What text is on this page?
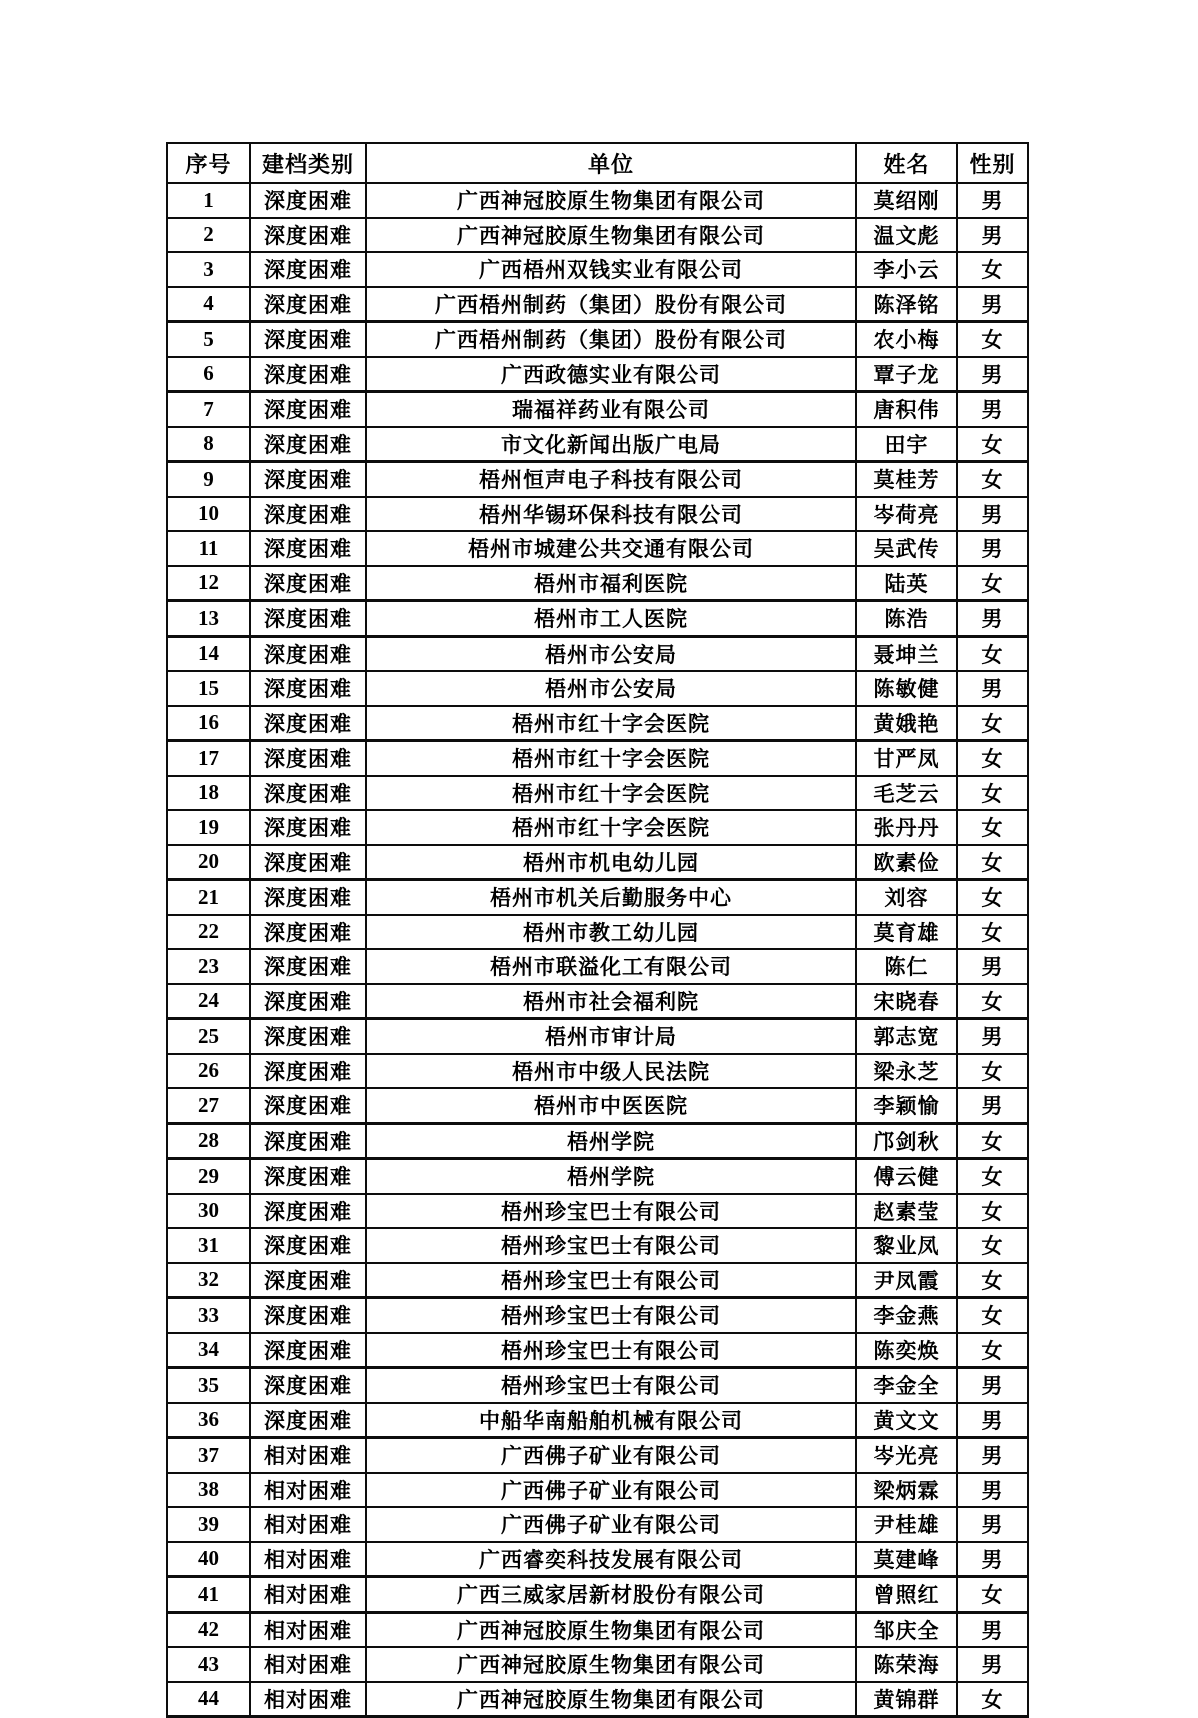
序号	建档类别	单位	姓名	性别
1	深度困难	广西神冠胶原生物集团有限公司	莫绍刚	男
2	深度困难	广西神冠胶原生物集团有限公司	温文彪	男
3	深度困难	广西梧州双钱实业有限公司	李小云	女
4	深度困难	广西梧州制药（集团）股份有限公司	陈泽铭	男
5	深度困难	广西梧州制药（集团）股份有限公司	农小梅	女
6	深度困难	广西政德实业有限公司	覃子龙	男
7	深度困难	瑞福祥药业有限公司	唐积伟	男
8	深度困难	市文化新闻出版广电局	田宇	女
9	深度困难	梧州恒声电子科技有限公司	莫桂芳	女
10	深度困难	梧州华锡环保科技有限公司	岑荷亮	男
11	深度困难	梧州市城建公共交通有限公司	吴武传	男
12	深度困难	梧州市福利医院	陆英	女
13	深度困难	梧州市工人医院	陈浩	男
14	深度困难	梧州市公安局	聂坤兰	女
15	深度困难	梧州市公安局	陈敏健	男
16	深度困难	梧州市红十字会医院	黄娥艳	女
17	深度困难	梧州市红十字会医院	甘严凤	女
18	深度困难	梧州市红十字会医院	毛芝云	女
19	深度困难	梧州市红十字会医院	张丹丹	女
20	深度困难	梧州市机电幼儿园	欧素俭	女
21	深度困难	梧州市机关后勤服务中心	刘容	女
22	深度困难	梧州市教工幼儿园	莫育雄	女
23	深度困难	梧州市联溢化工有限公司	陈仁	男
24	深度困难	梧州市社会福利院	宋晓春	女
25	深度困难	梧州市审计局	郭志宽	男
26	深度困难	梧州市中级人民法院	梁永芝	女
27	深度困难	梧州市中医医院	李颖愉	男
28	深度困难	梧州学院	邝剑秋	女
29	深度困难	梧州学院	傅云健	女
30	深度困难	梧州珍宝巴士有限公司	赵素莹	女
31	深度困难	梧州珍宝巴士有限公司	黎业凤	女
32	深度困难	梧州珍宝巴士有限公司	尹凤霞	女
33	深度困难	梧州珍宝巴士有限公司	李金燕	女
34	深度困难	梧州珍宝巴士有限公司	陈奕焕	女
35	深度困难	梧州珍宝巴士有限公司	李金全	男
36	深度困难	中船华南船舶机械有限公司	黄文文	男
37	相对困难	广西佛子矿业有限公司	岑光亮	男
38	相对困难	广西佛子矿业有限公司	梁炳霖	男
39	相对困难	广西佛子矿业有限公司	尹桂雄	男
40	相对困难	广西睿奕科技发展有限公司	莫建峰	男
41	相对困难	广西三威家居新材股份有限公司	曾照红	女
42	相对困难	广西神冠胶原生物集团有限公司	邹庆全	男
43	相对困难	广西神冠胶原生物集团有限公司	陈荣海	男
44	相对困难	广西神冠胶原生物集团有限公司	黄锦群	女
